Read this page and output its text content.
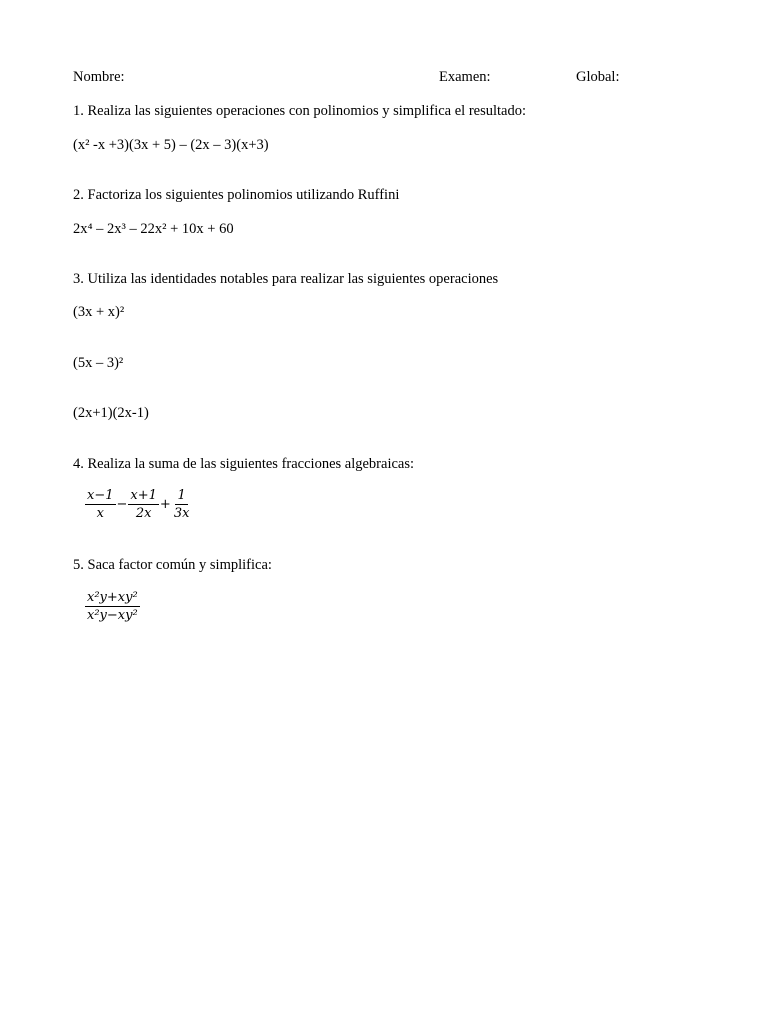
Nombre:	Examen:	Global:
1. Realiza las siguientes operaciones con polinomios y simplifica el resultado:
(x² -x +3)(3x + 5) – (2x – 3)(x+3)
2. Factoriza los siguientes polinomios utilizando Ruffini
2x⁴ – 2x³ – 22x² + 10x + 60
3. Utiliza las identidades notables para realizar las siguientes operaciones
(3x + x)²
(5x – 3)²
(2x+1)(2x-1)
4. Realiza la suma de las siguientes fracciones algebraicas:
$\frac{x-1}{x} - \frac{x+1}{2x} + \frac{1}{3x}$
5. Saca factor común y simplifica:
$\frac{\text{x²y+xy²}}{\text{x²y−xy²}}$
